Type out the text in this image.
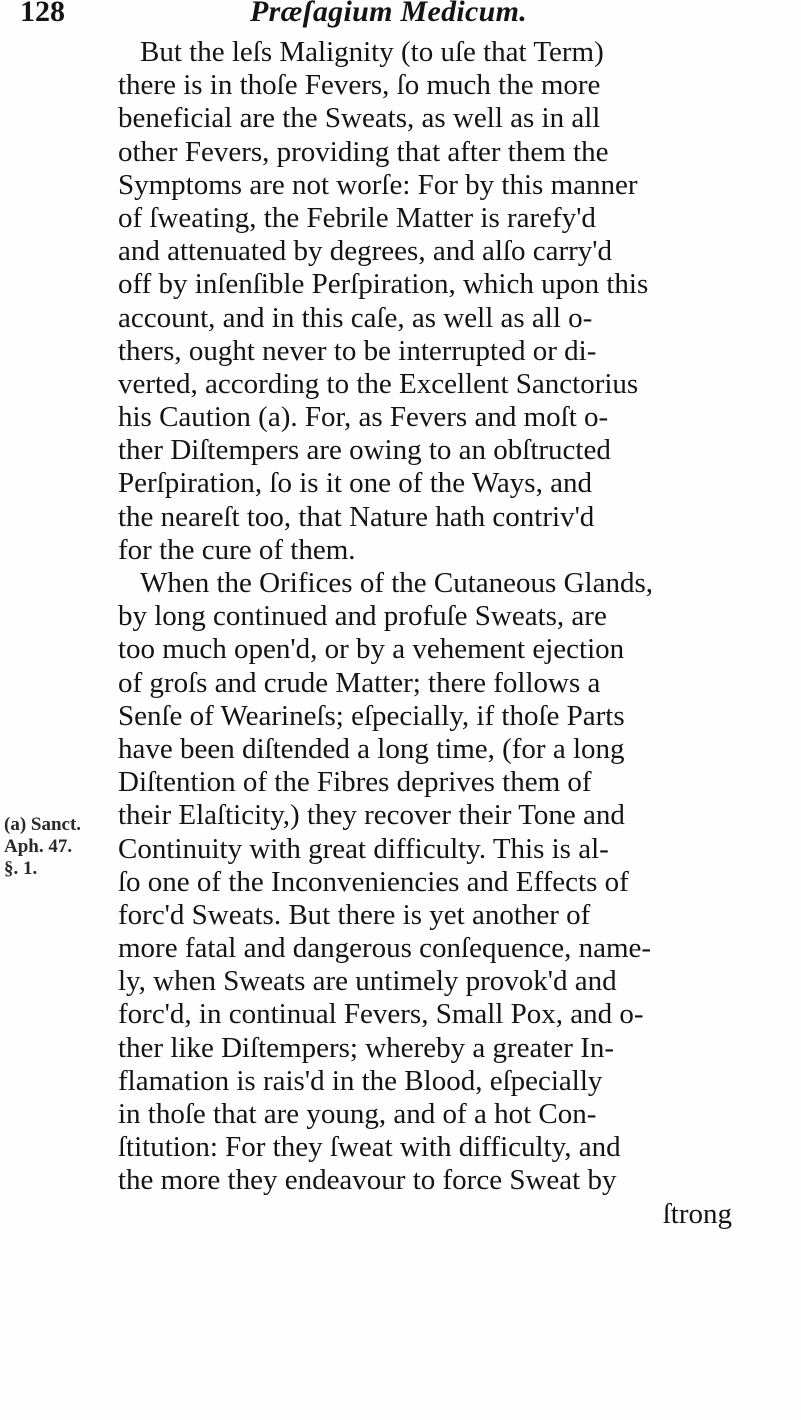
128	Præſagium Medicum.
(a) Sanct.
Aph. 47.
§. 1.
But the leſs Malignity (to uſe that Term)
there is in thoſe Fevers, ſo much the more
beneficial are the Sweats, as well as in all
other Fevers, providing that after them the
Symptoms are not worſe: For by this manner
of ſweating, the Febrile Matter is rarefy'd
and attenuated by degrees, and alſo carry'd
off by inſenſible Perſpiration, which upon this
account, and in this caſe, as well as all o-
thers, ought never to be interrupted or di-
verted, according to the Excellent Sanctorius
his Caution (a). For, as Fevers and moſt o-
ther Diſtempers are owing to an obſtructed
Perſpiration, ſo is it one of the Ways, and
the neareſt too, that Nature hath contriv'd
for the cure of them.
When the Orifices of the Cutaneous Glands,
by long continued and profuſe Sweats, are
too much open'd, or by a vehement ejection
of groſs and crude Matter; there follows a
Senſe of Wearineſs; eſpecially, if thoſe Parts
have been diſtended a long time, (for a long
Diſtention of the Fibres deprives them of
their Elaſticity,) they recover their Tone and
Continuity with great difficulty. This is al-
ſo one of the Inconveniencies and Effects of
forc'd Sweats. But there is yet another of
more fatal and dangerous conſequence, name-
ly, when Sweats are untimely provok'd and
forc'd, in continual Fevers, Small Pox, and o-
ther like Diſtempers; whereby a greater In-
flamation is rais'd in the Blood, eſpecially
in thoſe that are young, and of a hot Con-
ſtitution: For they ſweat with difficulty, and
the more they endeavour to force Sweat by
ſtrong
